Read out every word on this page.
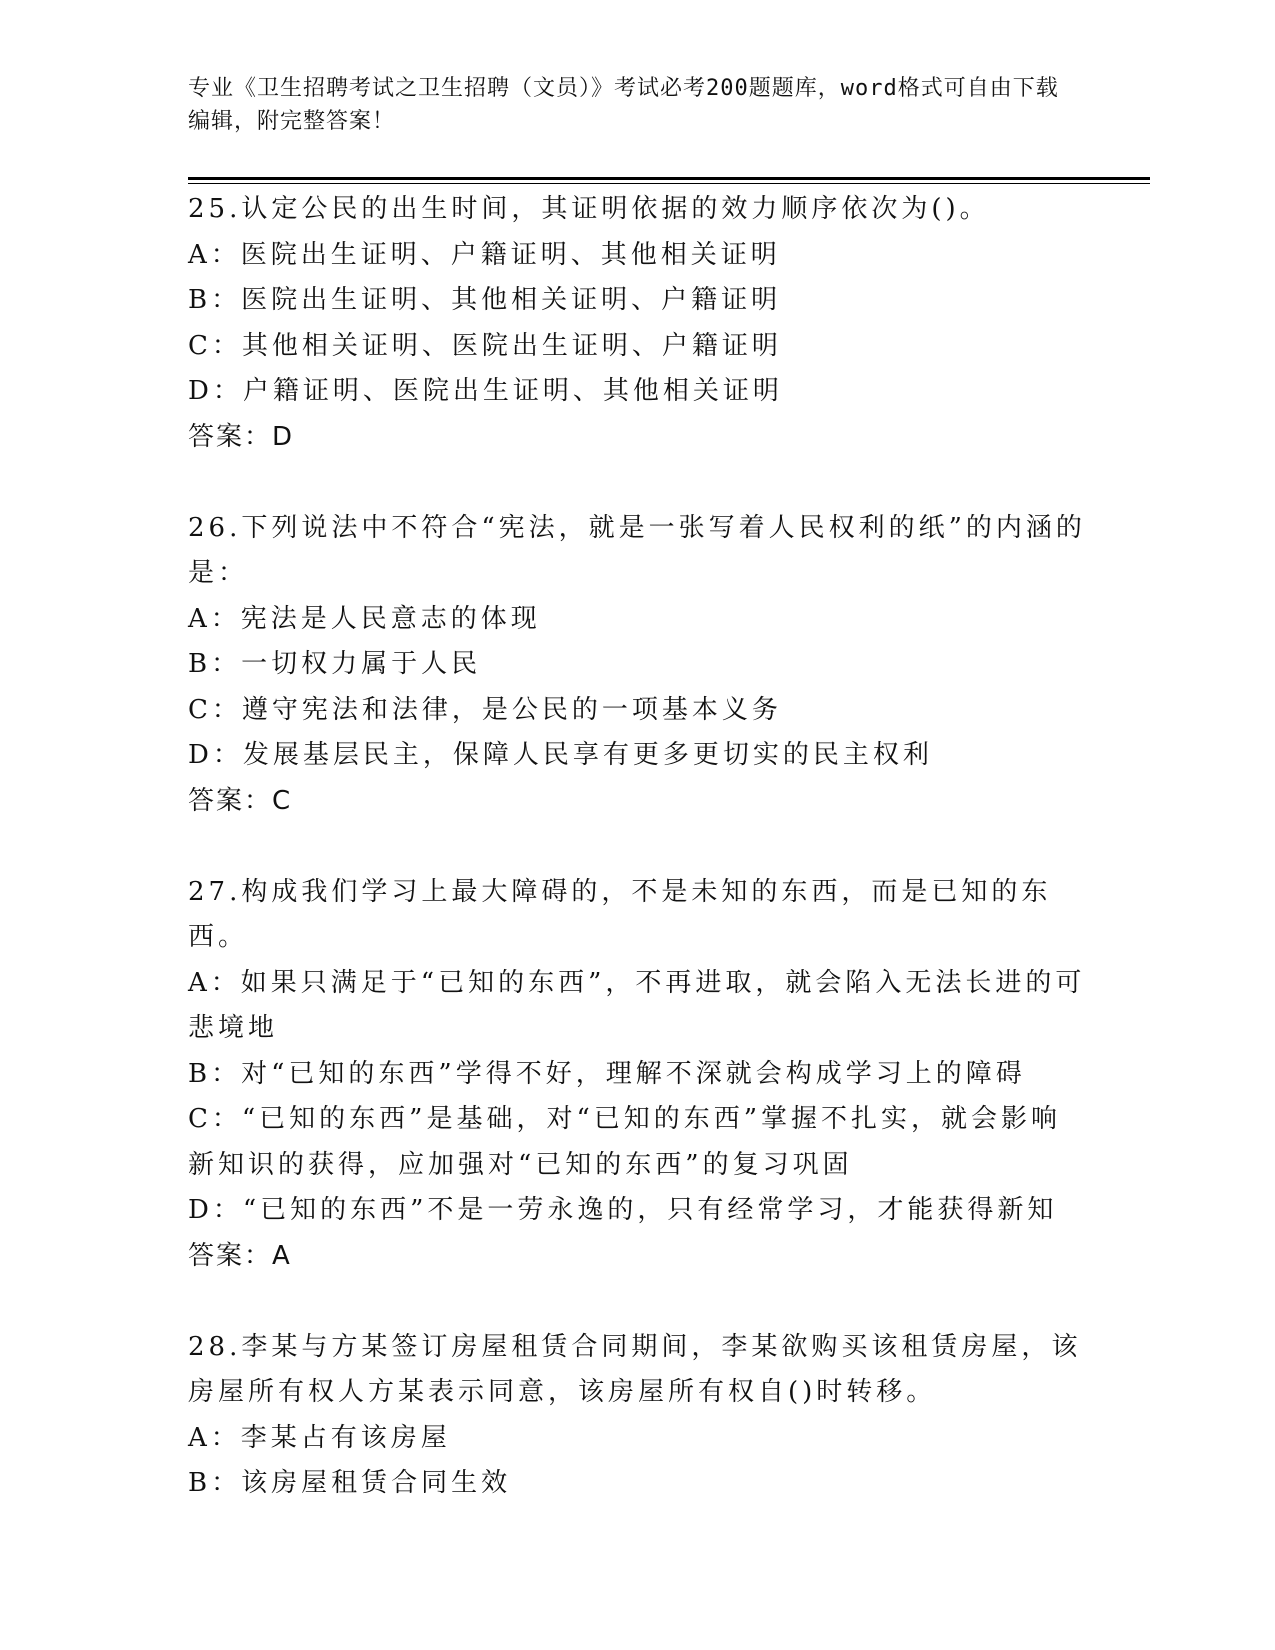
专业《卫生招聘考试之卫生招聘（文员）》考试必考200题题库，word格式可自由下载编辑，附完整答案！
25.认定公民的出生时间，其证明依据的效力顺序依次为()。
A：医院出生证明、户籍证明、其他相关证明
B：医院出生证明、其他相关证明、户籍证明
C：其他相关证明、医院出生证明、户籍证明
D：户籍证明、医院出生证明、其他相关证明
答案：D
26.下列说法中不符合“宪法，就是一张写着人民权利的纸”的内涵的是：
A：宪法是人民意志的体现
B：一切权力属于人民
C：遵守宪法和法律，是公民的一项基本义务
D：发展基层民主，保障人民享有更多更切实的民主权利
答案：C
27.构成我们学习上最大障碍的，不是未知的东西，而是已知的东西。
A：如果只满足于“已知的东西”，不再进取，就会陷入无法长进的可悲境地
B：对“已知的东西”学得不好，理解不深就会构成学习上的障碍
C：“已知的东西”是基础，对“已知的东西”掌握不扎实，就会影响新知识的获得，应加强对“已知的东西”的复习巩固
D：“已知的东西”不是一劳永逸的，只有经常学习，才能获得新知
答案：A
28.李某与方某签订房屋租赁合同期间，李某欲购买该租赁房屋，该房屋所有权人方某表示同意，该房屋所有权自()时转移。
A：李某占有该房屋
B：该房屋租赁合同生效
